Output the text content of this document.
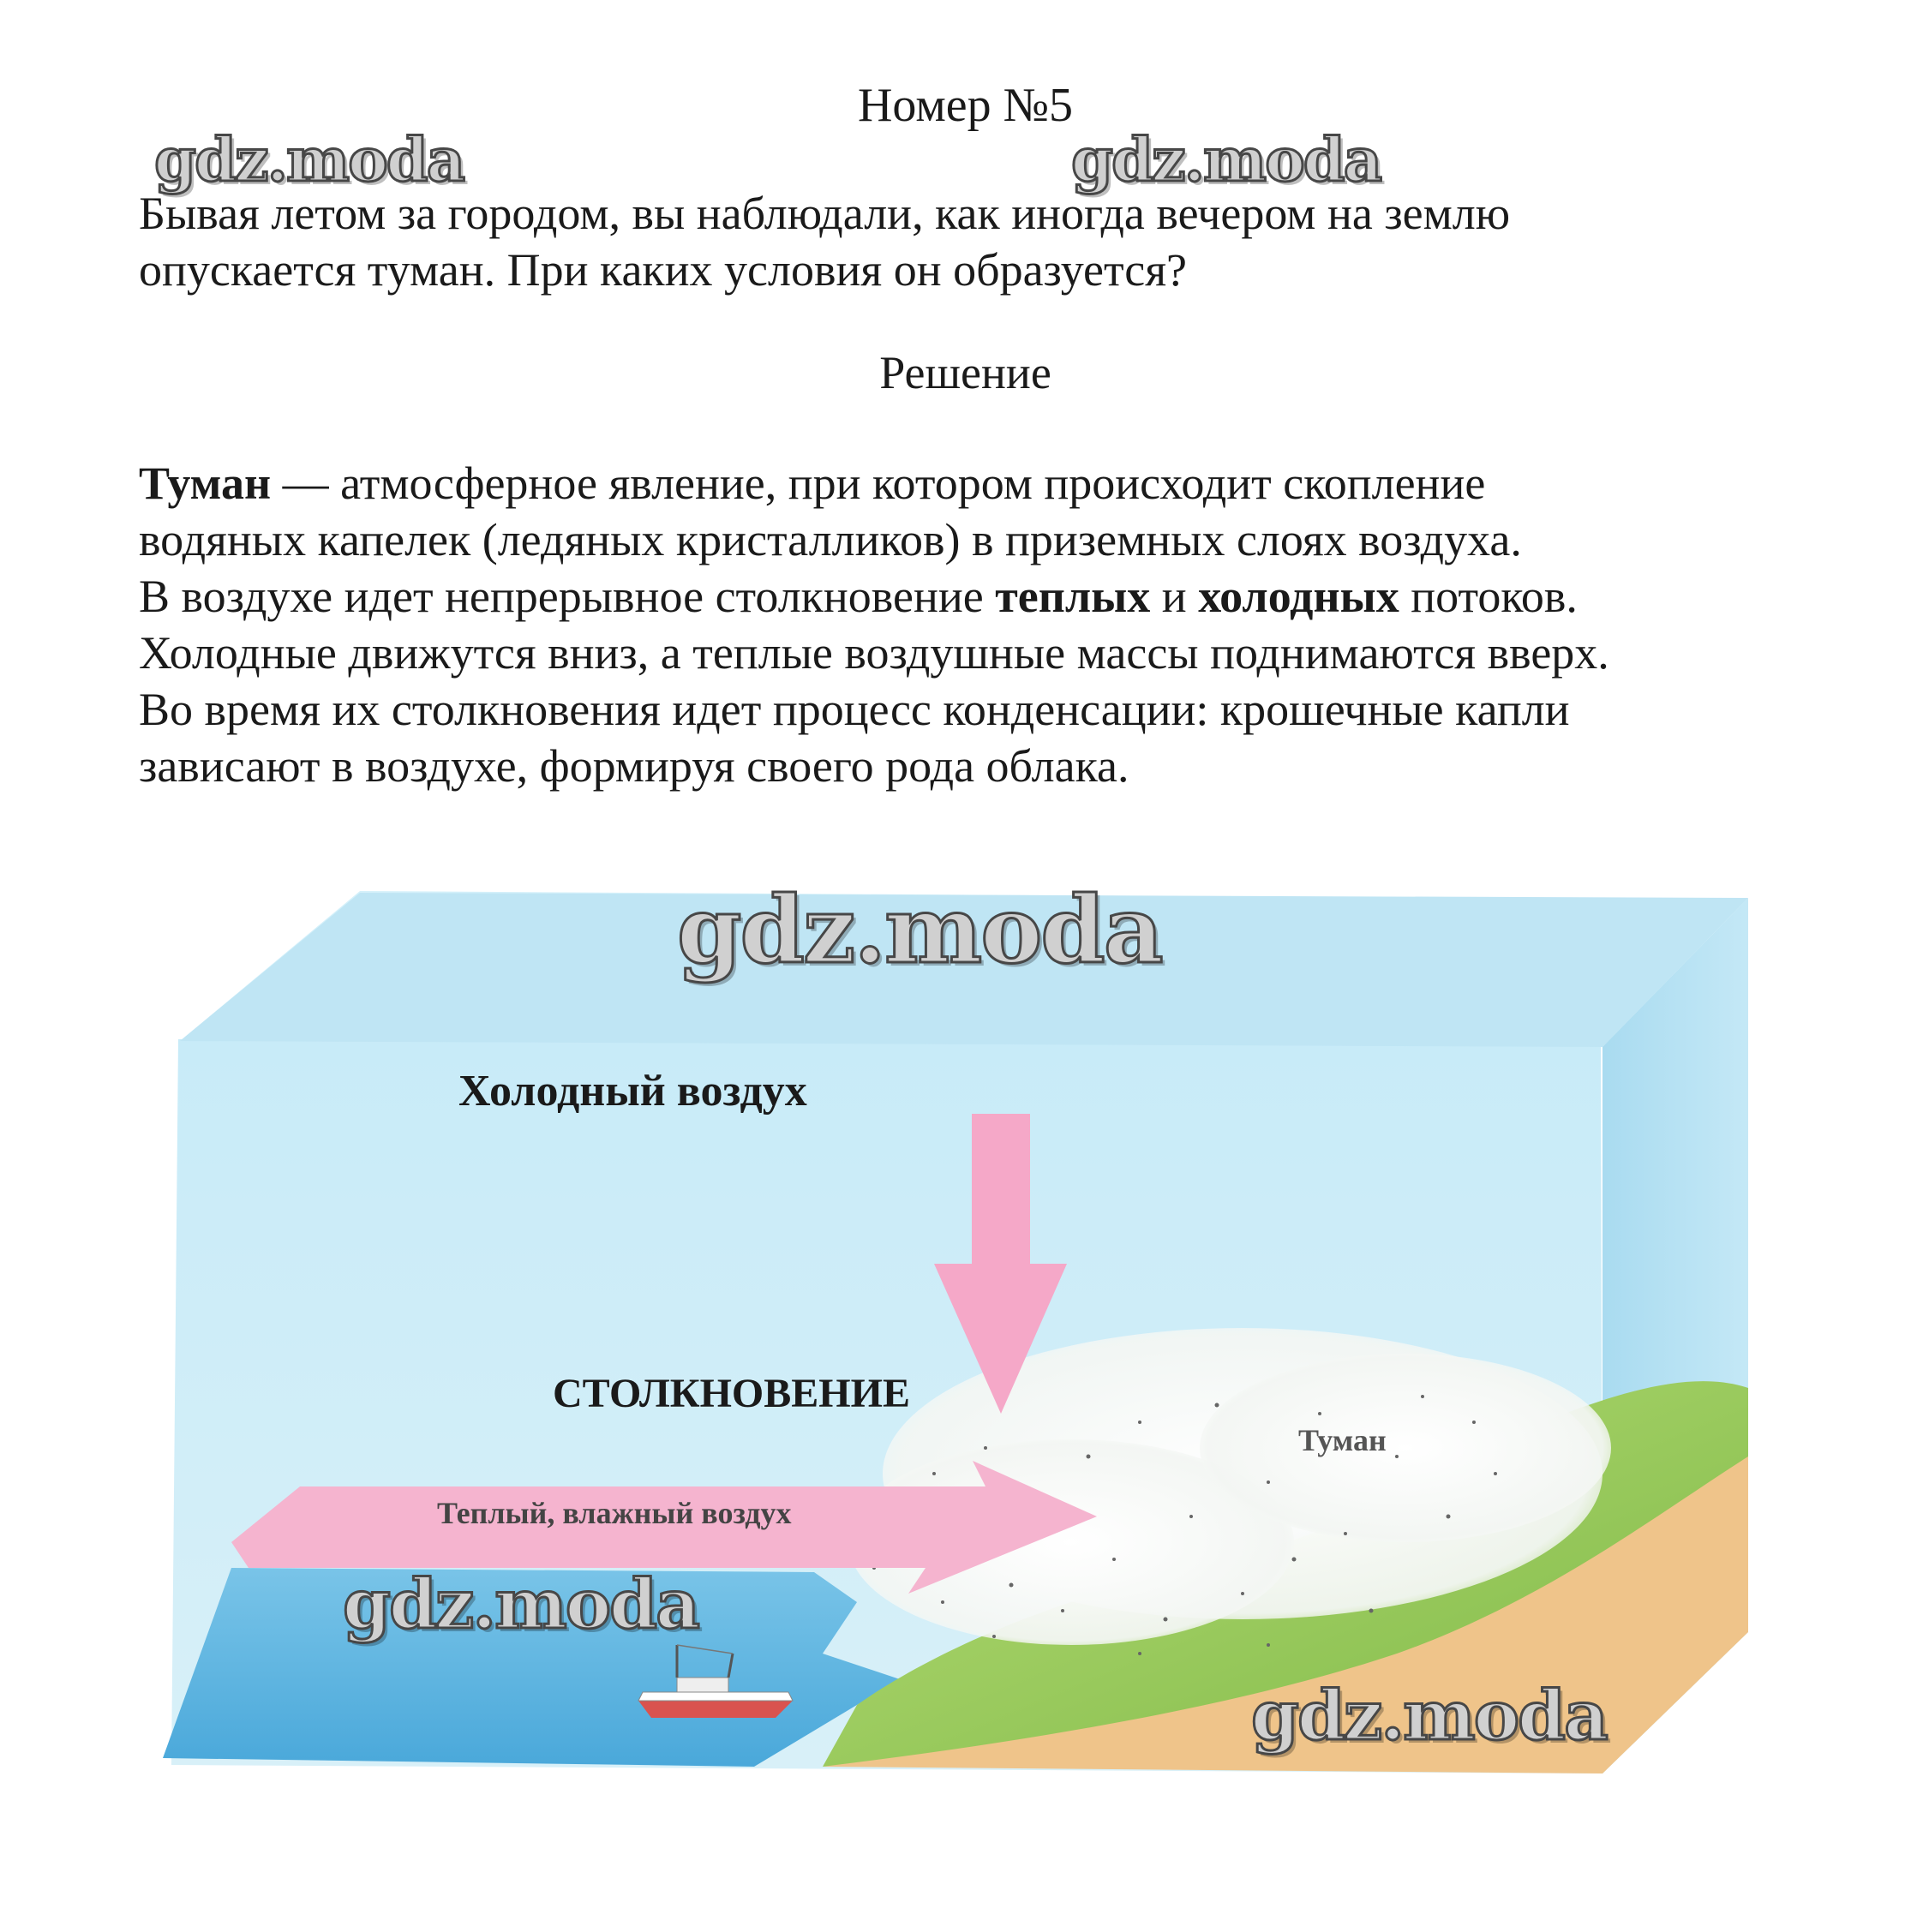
Номер №5
Бывая летом за городом, вы наблюдали, как иногда вечером на землю
опускается туман. При каких условия он образуется?
Решение

Туман — атмосферное явление, при котором происходит скопление

водяных капелек (ледяных кристалликов) в приземных слоях воздуха.

В воздухе идет непрерывное столкновение теплых и холодных потоков.

Холодные движутся вниз, а теплые воздушные массы поднимаются вверх.

Во время их столкновения идет процесс конденсации: крошечные капли

зависают в воздухе, формируя своего рода облака.

Холодный воздух
СТОЛКНОВЕНИЕ
Туман
Теплый, влажный воздух
gdz.moda	gdz.moda
gdz.moda
gdz.moda
gdz.moda
